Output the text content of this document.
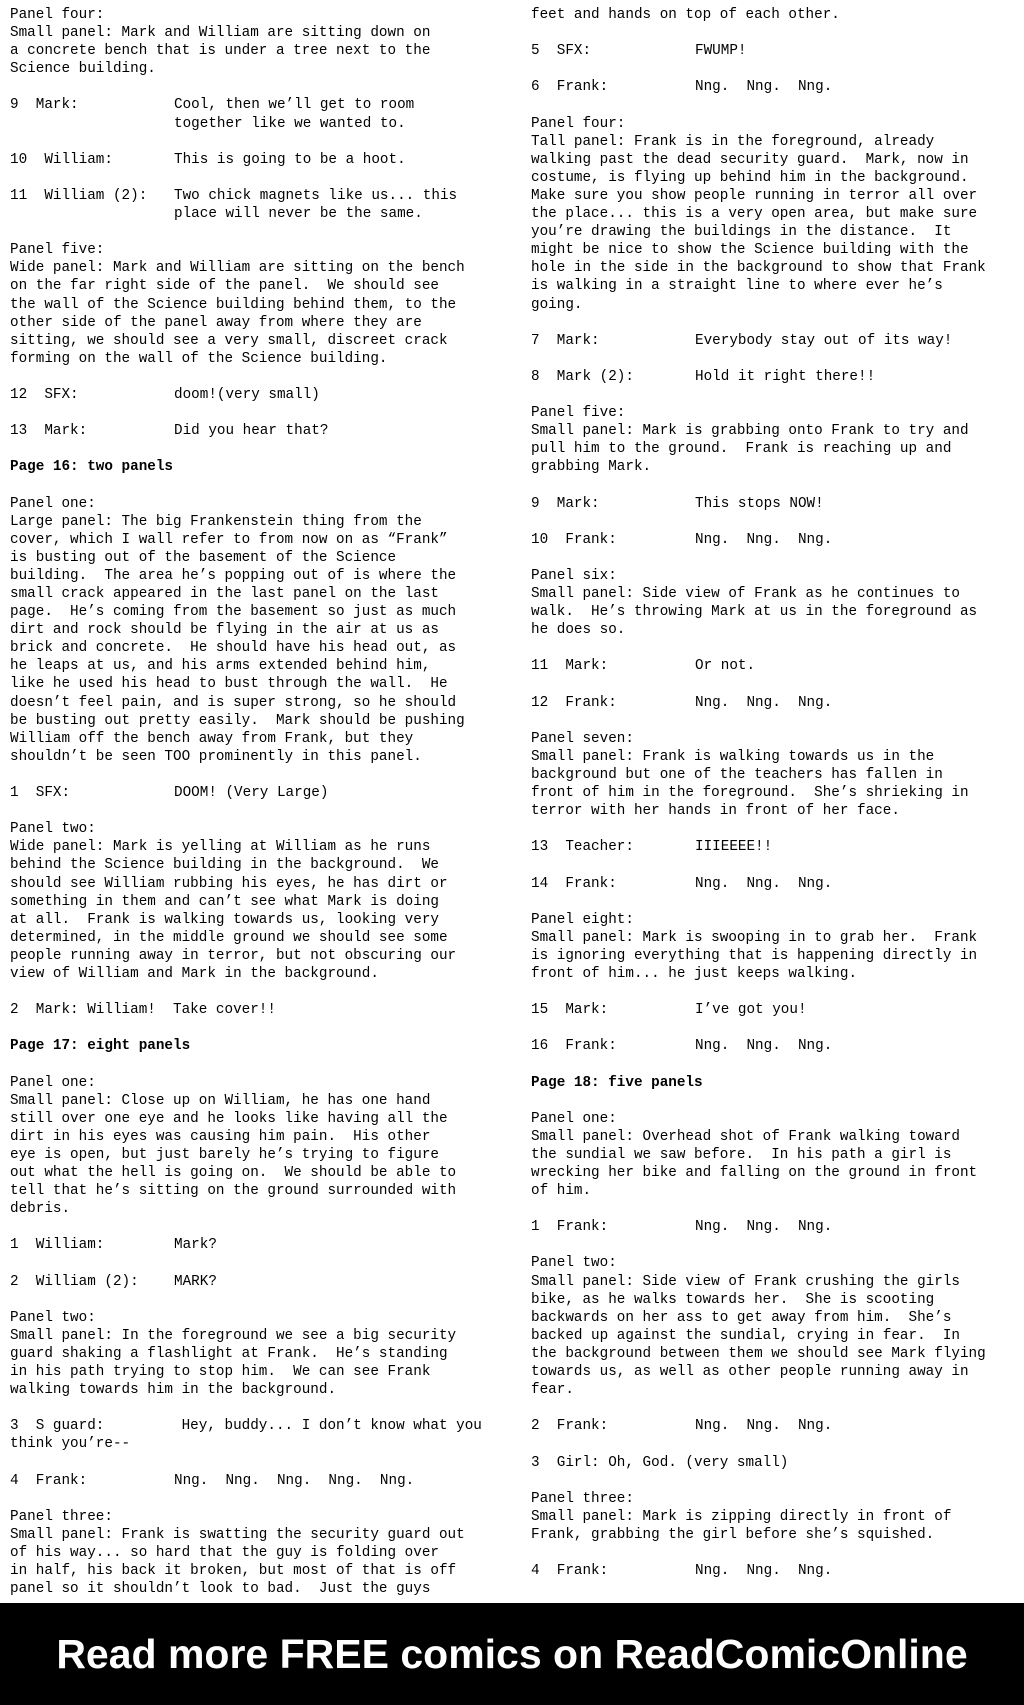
Panel four:
Small panel: Mark and William are sitting down on
a concrete bench that is under a tree next to the
Science building.
9  Mark:	Cool, then we’ll get to room
together like we wanted to.
10  William:	This is going to be a hoot.
11  William (2):	Two chick magnets like us... this
place will never be the same.
Panel five:
Wide panel: Mark and William are sitting on the bench
on the far right side of the panel.  We should see
the wall of the Science building behind them, to the
other side of the panel away from where they are
sitting, we should see a very small, discreet crack
forming on the wall of the Science building.
12  SFX:	doom!(very small)
13  Mark:	Did you hear that?
Page 16: two panels
Panel one:
Large panel: The big Frankenstein thing from the
cover, which I wall refer to from now on as “Frank”
is busting out of the basement of the Science
building.  The area he’s popping out of is where the
small crack appeared in the last panel on the last
page.  He’s coming from the basement so just as much
dirt and rock should be flying in the air at us as
brick and concrete.  He should have his head out, as
he leaps at us, and his arms extended behind him,
like he used his head to bust through the wall.  He
doesn’t feel pain, and is super strong, so he should
be busting out pretty easily.  Mark should be pushing
William off the bench away from Frank, but they
shouldn’t be seen TOO prominently in this panel.
1  SFX:	DOOM! (Very Large)
Panel two:
Wide panel: Mark is yelling at William as he runs
behind the Science building in the background.  We
should see William rubbing his eyes, he has dirt or
something in them and can’t see what Mark is doing
at all.  Frank is walking towards us, looking very
determined, in the middle ground we should see some
people running away in terror, but not obscuring our
view of William and Mark in the background.
2  Mark: William!  Take cover!!
Page 17: eight panels
Panel one:
Small panel: Close up on William, he has one hand
still over one eye and he looks like having all the
dirt in his eyes was causing him pain.  His other
eye is open, but just barely he’s trying to figure
out what the hell is going on.  We should be able to
tell that he’s sitting on the ground surrounded with
debris.
1  William:	Mark?
2  William (2):	MARK?
Panel two:
Small panel: In the foreground we see a big security
guard shaking a flashlight at Frank.  He’s standing
in his path trying to stop him.  We can see Frank
walking towards him in the background.
3  S guard:         Hey, buddy... I don’t know what you
think you’re--
4  Frank:	Nng.  Nng.  Nng.  Nng.  Nng.
Panel three:
Small panel: Frank is swatting the security guard out
of his way... so hard that the guy is folding over
in half, his back it broken, but most of that is off
panel so it shouldn’t look to bad.  Just the guys
feet and hands on top of each other.
5  SFX:	FWUMP!
6  Frank:	Nng.  Nng.  Nng.
Panel four:
Tall panel: Frank is in the foreground, already
walking past the dead security guard.  Mark, now in
costume, is flying up behind him in the background.
Make sure you show people running in terror all over
the place... this is a very open area, but make sure
you’re drawing the buildings in the distance.  It
might be nice to show the Science building with the
hole in the side in the background to show that Frank
is walking in a straight line to where ever he’s
going.
7  Mark:	Everybody stay out of its way!
8  Mark (2):	Hold it right there!!
Panel five:
Small panel: Mark is grabbing onto Frank to try and
pull him to the ground.  Frank is reaching up and
grabbing Mark.
9  Mark:	This stops NOW!
10  Frank:	Nng.  Nng.  Nng.
Panel six:
Small panel: Side view of Frank as he continues to
walk.  He’s throwing Mark at us in the foreground as
he does so.
11  Mark:	Or not.
12  Frank:	Nng.  Nng.  Nng.
Panel seven:
Small panel: Frank is walking towards us in the
background but one of the teachers has fallen in
front of him in the foreground.  She’s shrieking in
terror with her hands in front of her face.
13  Teacher:	IIIEEEE!!
14  Frank:	Nng.  Nng.  Nng.
Panel eight:
Small panel: Mark is swooping in to grab her.  Frank
is ignoring everything that is happening directly in
front of him... he just keeps walking.
15  Mark:	I’ve got you!
16  Frank:	Nng.  Nng.  Nng.
Page 18: five panels
Panel one:
Small panel: Overhead shot of Frank walking toward
the sundial we saw before.  In his path a girl is
wrecking her bike and falling on the ground in front
of him.
1  Frank:	Nng.  Nng.  Nng.
Panel two:
Small panel: Side view of Frank crushing the girls
bike, as he walks towards her.  She is scooting
backwards on her ass to get away from him.  She’s
backed up against the sundial, crying in fear.  In
the background between them we should see Mark flying
towards us, as well as other people running away in
fear.
2  Frank:	Nng.  Nng.  Nng.
3  Girl: Oh, God. (very small)
Panel three:
Small panel: Mark is zipping directly in front of
Frank, grabbing the girl before she’s squished.
4  Frank:	Nng.  Nng.  Nng.
Read more FREE comics on ReadComicOnline
